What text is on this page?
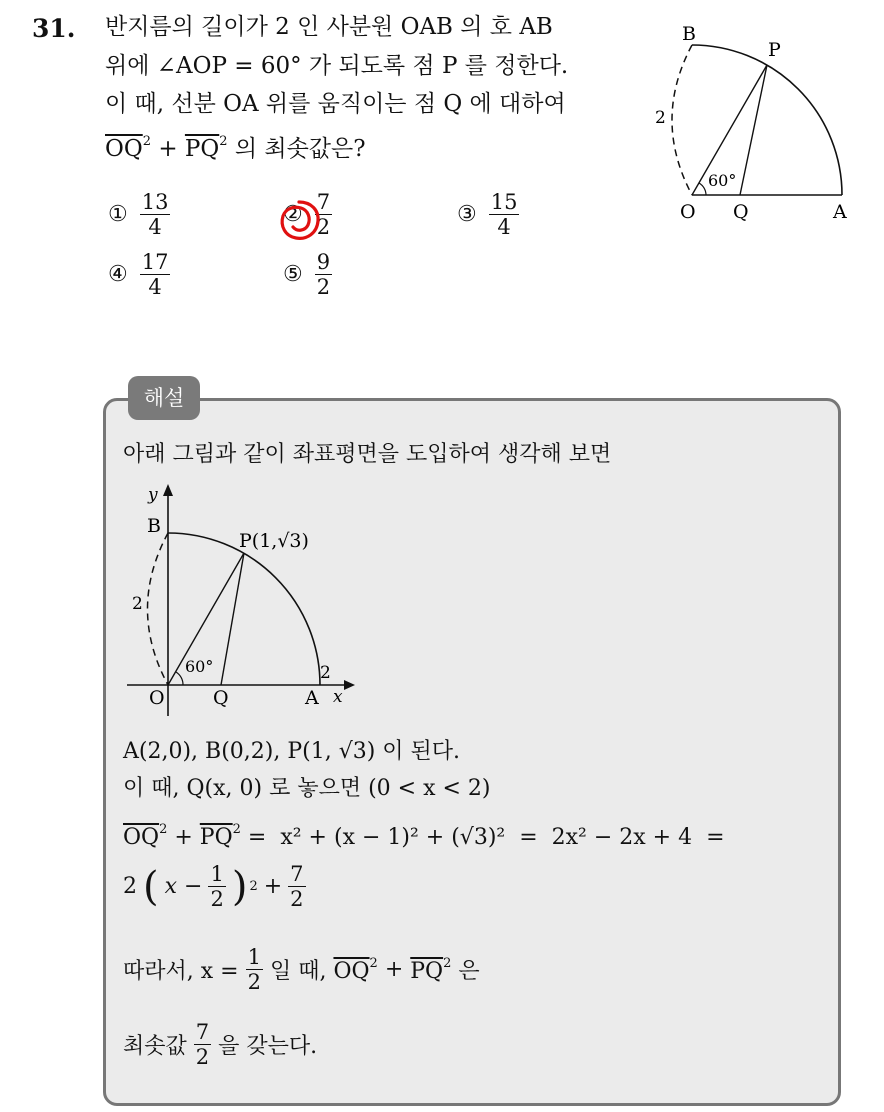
31. 반지름의 길이가 2 인 사분원 OAB 의 호 AB
위에 ∠AOP = 60° 가 되도록 점 P 를 정한다.
이 때, 선분 OA 위를 움직이는 점 Q 에 대하여
$\overline{OQ}^2 + \overline{PQ}^2$ 의 최솟값은?
B
P
2
60°
O Q	A
① $\frac{13}{4}$	② $\frac{7}{2}$	③ $\frac{15}{4}$
④ $\frac{17}{4}$	⑤ $\frac{9}{2}$
해설
아래 그림과 같이 좌표평면을 도입하여 생각해 보면
y
B
P(1,√3)
2
60°	2
O	Q	A x
A(2,0), B(0,2), P(1, √3) 이 된다.
이 때, Q(x, 0) 로 놓으면 (0 < x < 2)
$\overline{OQ}^2 + \overline{PQ}^2 = x^2 + (x - 1)^2 + (√3)^2 = 2x^2 - 2x + 4$  =
2 ( $x - \frac{1}{2}$ ) $2 + \frac{7}{2}$
따라서, $x = \frac{1}{2}$ 일 때, $\overline{OQ}^2 + \overline{PQ}^2$ 은
최솟값 $\frac{7}{2}$ 을 갖는다.
